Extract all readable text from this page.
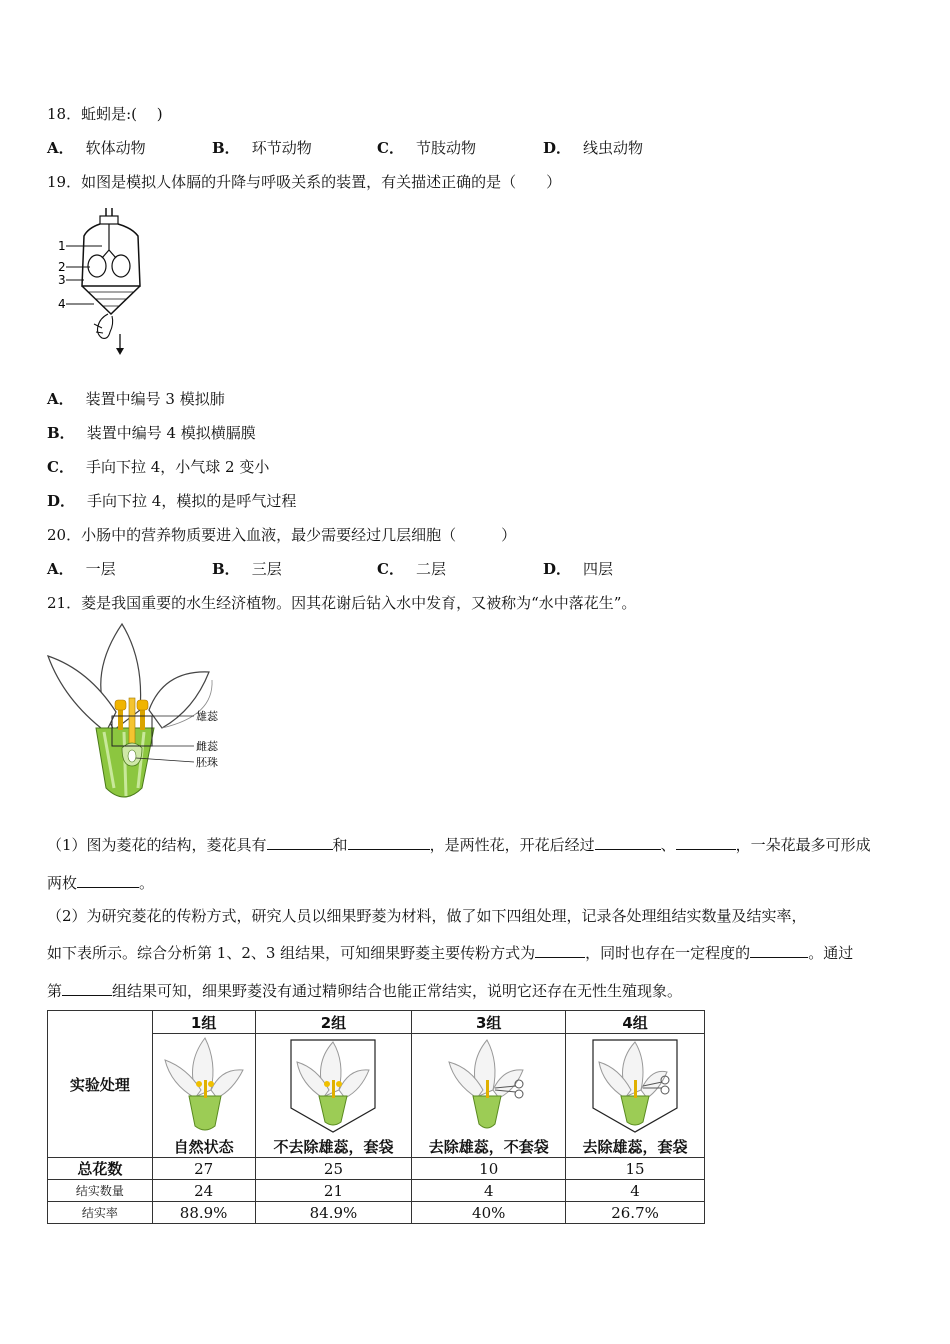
18．蚯蚓是:(　 )
A． 软体动物	B． 环节动物	C． 节肢动物	D． 线虫动物
19．如图是模拟人体膈的升降与呼吸关系的装置，有关描述正确的是（　　）
1
2
3
4
A． 装置中编号 3 模拟肺
B． 装置中编号 4 模拟横膈膜
C． 手向下拉 4，小气球 2 变小
D． 手向下拉 4，模拟的是呼气过程
20．小肠中的营养物质要进入血液，最少需要经过几层细胞（　　　）
A． 一层	B． 三层	C． 二层	D． 四层
21．菱是我国重要的水生经济植物。因其花谢后钻入水中发育，又被称为“水中落花生”。
雄蕊
雌蕊
胚珠
（1）图为菱花的结构，菱花具有	和	，是两性花，开花后经过	、	，一朵花最多可形成
两枚	。
（2）为研究菱花的传粉方式，研究人员以细果野菱为材料，做了如下四组处理，记录各处理组结实数量及结实率，
如下表所示。综合分析第 1、2、3 组结果，可知细果野菱主要传粉方式为	，同时也存在一定程度的	。通过
第	组结果可知，细果野菱没有通过精卵结合也能正常结实，说明它还存在无性生殖现象。
实验处理	1组	2组	3组	4组

	自然状态	不去除雄蕊，套袋	去除雄蕊，不套袋	去除雄蕊，套袋

总花数	27	25	10	15
结实数量	24	21	4	4
结实率	88.9%	84.9%	40%	26.7%
